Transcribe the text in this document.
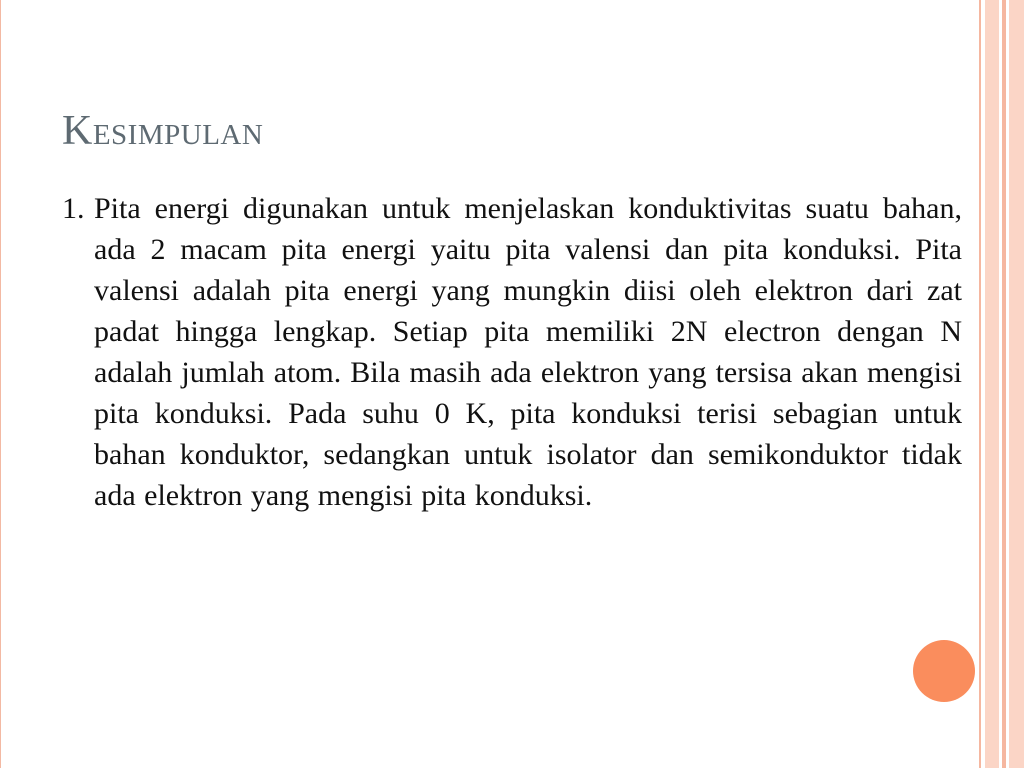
Kesimpulan
1. Pita energi digunakan untuk menjelaskan konduktivitas suatu bahan, ada 2 macam pita energi yaitu pita valensi dan pita konduksi. Pita valensi adalah pita energi yang mungkin diisi oleh elektron dari zat padat hingga lengkap. Setiap pita memiliki 2N electron dengan N adalah jumlah atom. Bila masih ada elektron yang tersisa akan mengisi pita konduksi. Pada suhu 0 K, pita konduksi terisi sebagian untuk bahan konduktor, sedangkan untuk isolator dan semikonduktor tidak ada elektron yang mengisi pita konduksi.
